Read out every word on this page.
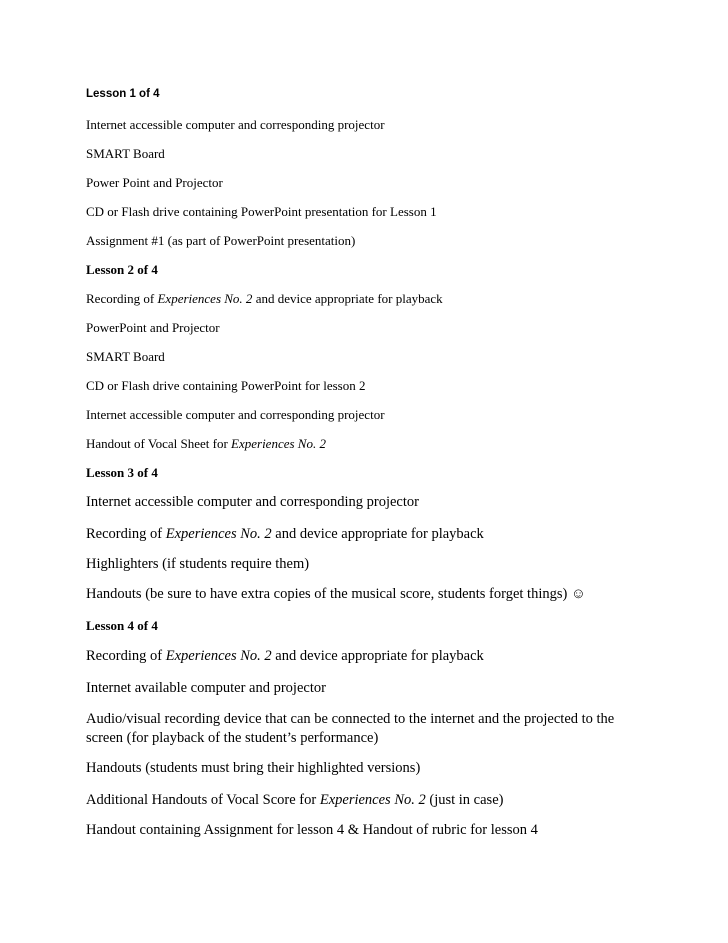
Lesson 1 of 4
Internet accessible computer and corresponding projector
SMART Board
Power Point and Projector
CD or Flash drive containing PowerPoint presentation for Lesson 1
Assignment #1 (as part of PowerPoint presentation)
Lesson 2 of 4
Recording of Experiences No. 2 and device appropriate for playback
PowerPoint and Projector
SMART Board
CD or Flash drive containing PowerPoint for lesson 2
Internet accessible computer and corresponding projector
Handout of Vocal Sheet for Experiences No. 2
Lesson 3 of 4
Internet accessible computer and corresponding projector
Recording of Experiences No. 2 and device appropriate for playback
Highlighters (if students require them)
Handouts (be sure to have extra copies of the musical score, students forget things) ☺
Lesson 4 of 4
Recording of Experiences No. 2 and device appropriate for playback
Internet available computer and projector
Audio/visual recording device that can be connected to the internet and the projected to the screen (for playback of the student’s performance)
Handouts (students must bring their highlighted versions)
Additional Handouts of Vocal Score for Experiences No. 2 (just in case)
Handout containing Assignment for lesson 4 & Handout of rubric for lesson 4
